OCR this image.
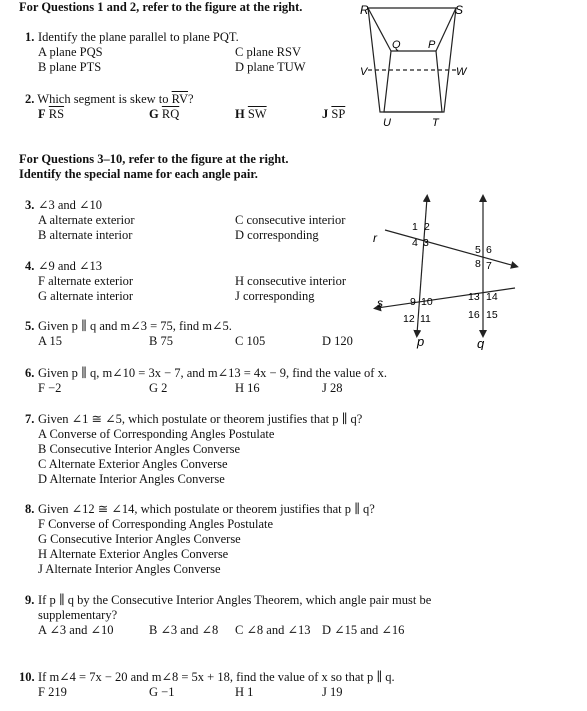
For Questions 1 and 2, refer to the figure at the right.
1. Identify the plane parallel to plane PQT.
A plane PQS
B plane PTS
C plane RSV
D plane TUW
2. Which segment is skew to $\overline{RV}$?
F $\overline{RS}$	G $\overline{RQ}$	H $\overline{SW}$	J $\overline{SP}$
R	S
Q P
V	W
U	T
For Questions 3–10, refer to the figure at the right.
Identify the special name for each angle pair.
3. ∠3 and ∠10
A alternate exterior
B alternate interior
C consecutive interior
D corresponding
4. ∠9 and ∠13
F alternate exterior
G alternate interior
H consecutive interior
J corresponding
5. Given p ∥ q and m∠3 = 75, find m∠5.
A 15	B 75	C 105	D 120
6. Given p ∥ q, m∠10 = 3x − 7, and m∠13 = 4x − 9, find the value of x.
F −2	G 2	H 16	J 28
7. Given ∠1 ≅ ∠5, which postulate or theorem justifies that p ∥ q?
A Converse of Corresponding Angles Postulate
B Consecutive Interior Angles Converse
C Alternate Exterior Angles Converse
D Alternate Interior Angles Converse
8. Given ∠12 ≅ ∠14, which postulate or theorem justifies that p ∥ q?
F Converse of Corresponding Angles Postulate
G Consecutive Interior Angles Converse
H Alternate Exterior Angles Converse
J Alternate Interior Angles Converse
9. If p ∥ q by the Consecutive Interior Angles Theorem, which angle pair must be
supplementary?
A ∠3 and ∠10	B ∠3 and ∠8 C ∠8 and ∠13 D ∠15 and ∠16
10. If m∠4 = 7x − 20 and m∠8 = 5x + 18, find the value of x so that p ∥ q.
F 219	G −1	H 1	J 19
r
s
p	q
1 2
4 3
5 6
8 7
9 10
12 11
13 14
16 15
